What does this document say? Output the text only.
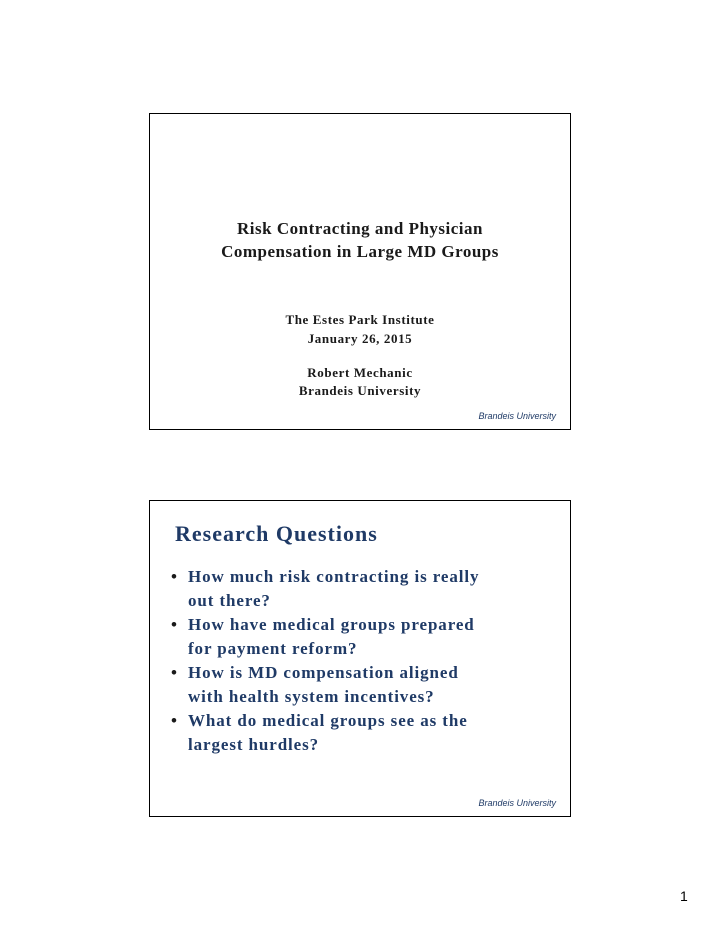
Risk Contracting and Physician
Compensation in Large MD Groups
The Estes Park Institute
January 26, 2015
Robert Mechanic
Brandeis University
Brandeis University
Research Questions
• How much risk contracting is really
out there?
• How have medical groups prepared
for payment reform?
• How is MD compensation aligned
with health system incentives?
• What do medical groups see as the
largest hurdles?
Brandeis University
1
